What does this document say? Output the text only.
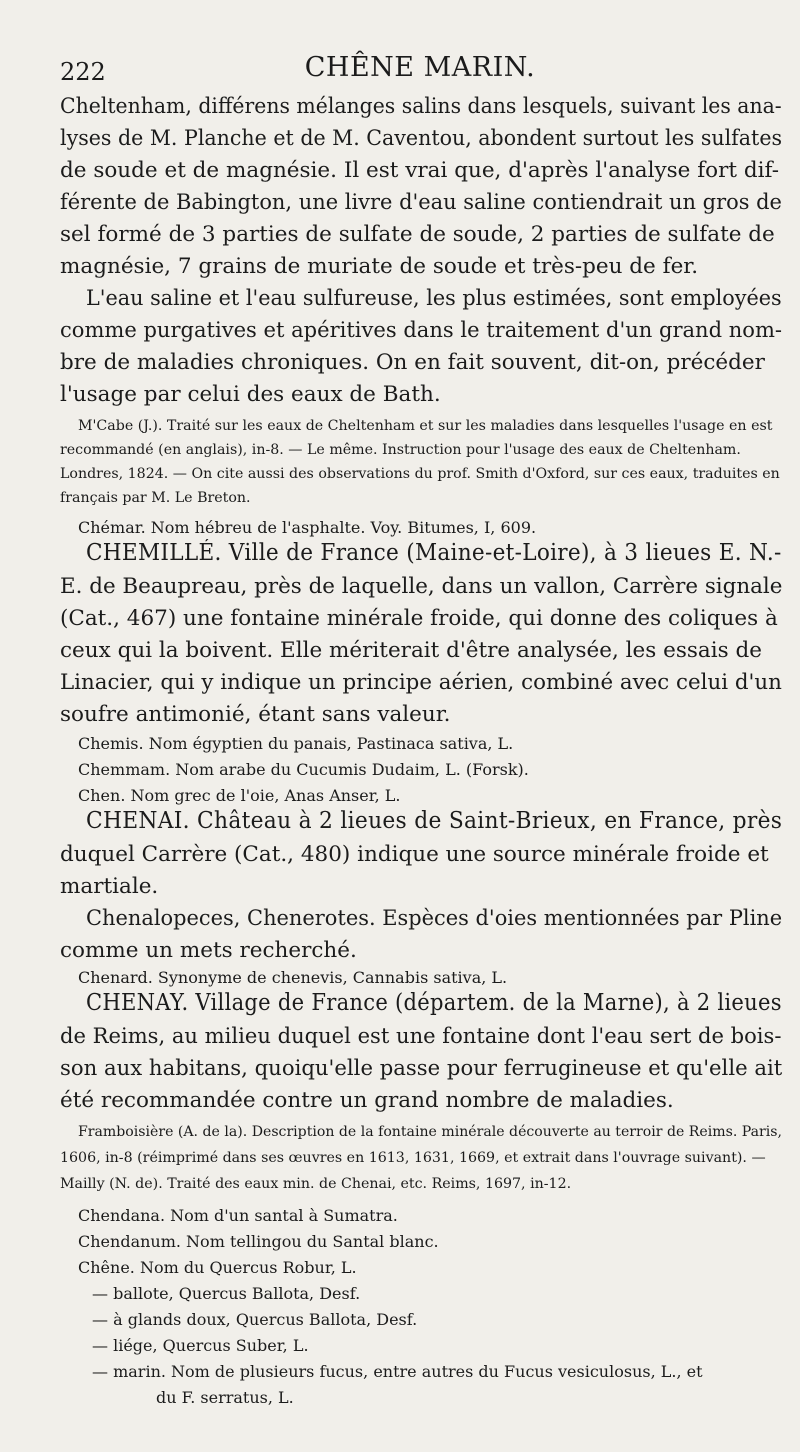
222	CHÊNE MARIN.
Cheltenham, différens mélanges salins dans lesquels, suivant les ana-
lyses de M. Planche et de M. Caventou, abondent surtout les sulfates
de soude et de magnésie. Il est vrai que, d'après l'analyse fort dif-
férente de Babington, une livre d'eau saline contiendrait un gros de
sel formé de 3 parties de sulfate de soude, 2 parties de sulfate de
magnésie, 7 grains de muriate de soude et très-peu de fer.
L'eau saline et l'eau sulfureuse, les plus estimées, sont employées
comme purgatives et apéritives dans le traitement d'un grand nom-
bre de maladies chroniques. On en fait souvent, dit-on, précéder
l'usage par celui des eaux de Bath.
M'Cabe (J.). Traité sur les eaux de Cheltenham et sur les maladies dans lesquelles l'usage en est
recommandé (en anglais), in-8. — Le même. Instruction pour l'usage des eaux de Cheltenham.
Londres, 1824. — On cite aussi des observations du prof. Smith d'Oxford, sur ces eaux, traduites en
français par M. Le Breton.
Chémar. Nom hébreu de l'asphalte. Voy. Bitumes, I, 609.
CHEMILLÉ. Ville de France (Maine-et-Loire), à 3 lieues E. N.-
E. de Beaupreau, près de laquelle, dans un vallon, Carrère signale
(Cat., 467) une fontaine minérale froide, qui donne des coliques à
ceux qui la boivent. Elle mériterait d'être analysée, les essais de
Linacier, qui y indique un principe aérien, combiné avec celui d'un
soufre antimonié, étant sans valeur.
Chemis. Nom égyptien du panais, Pastinaca sativa, L.
Chemmam. Nom arabe du Cucumis Dudaim, L. (Forsk).
Chen. Nom grec de l'oie, Anas Anser, L.
CHENAI. Château à 2 lieues de Saint-Brieux, en France, près
duquel Carrère (Cat., 480) indique une source minérale froide et
martiale.
Chenalopeces, Chenerotes. Espèces d'oies mentionnées par Pline
comme un mets recherché.
Chenard. Synonyme de chenevis, Cannabis sativa, L.
CHENAY. Village de France (départem. de la Marne), à 2 lieues
de Reims, au milieu duquel est une fontaine dont l'eau sert de bois-
son aux habitans, quoiqu'elle passe pour ferrugineuse et qu'elle ait
été recommandée contre un grand nombre de maladies.
Framboisière (A. de la). Description de la fontaine minérale découverte au terroir de Reims. Paris,
1606, in-8 (réimprimé dans ses œuvres en 1613, 1631, 1669, et extrait dans l'ouvrage suivant). —
Mailly (N. de). Traité des eaux min. de Chenai, etc. Reims, 1697, in-12.
Chendana. Nom d'un santal à Sumatra.
Chendanum. Nom tellingou du Santal blanc.
Chêne. Nom du Quercus Robur, L.
— ballote, Quercus Ballota, Desf.
— à glands doux, Quercus Ballota, Desf.
— liége, Quercus Suber, L.
— marin. Nom de plusieurs fucus, entre autres du Fucus vesiculosus, L., et
du F. serratus, L.
